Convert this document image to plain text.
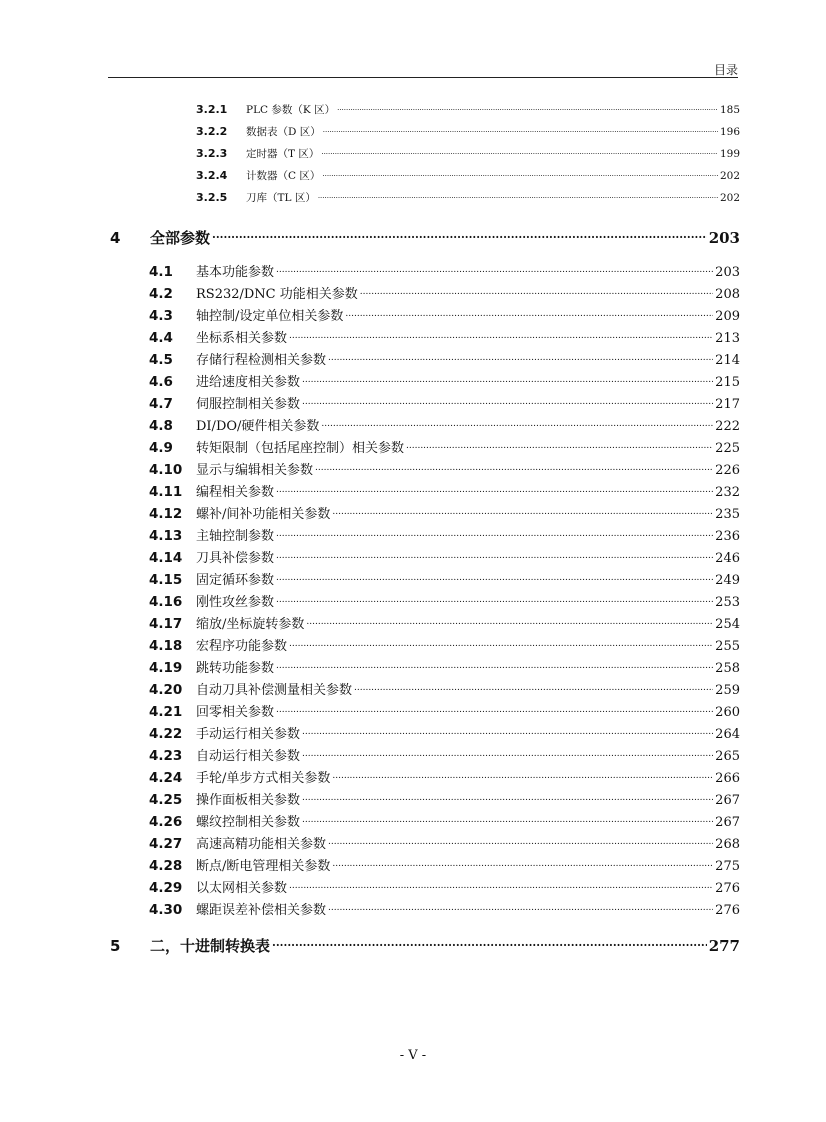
目录
3.2.1	PLC 参数（K 区） .....	185
3.2.2	数据表（D 区） .....	196
3.2.3	定时器（T 区） .....	199
3.2.4	计数器（C 区） .....	202
3.2.5	刀库（TL 区） .....	202
4	全部参数 .....	203
4.1	基本功能参数 .....	203
4.2	RS232/DNC 功能相关参数 .....	208
4.3	轴控制/设定单位相关参数 .....	209
4.4	坐标系相关参数 .....	213
4.5	存储行程检测相关参数 .....	214
4.6	进给速度相关参数 .....	215
4.7	伺服控制相关参数 .....	217
4.8	DI/DO/硬件相关参数 .....	222
4.9	转矩限制（包括尾座控制）相关参数 .....	225
4.10	显示与编辑相关参数 .....	226
4.11	编程相关参数 .....	232
4.12	螺补/间补功能相关参数 .....	235
4.13	主轴控制参数 .....	236
4.14	刀具补偿参数 .....	246
4.15	固定循环参数 .....	249
4.16	刚性攻丝参数 .....	253
4.17	缩放/坐标旋转参数 .....	254
4.18	宏程序功能参数 .....	255
4.19	跳转功能参数 .....	258
4.20	自动刀具补偿测量相关参数 .....	259
4.21	回零相关参数 .....	260
4.22	手动运行相关参数 .....	264
4.23	自动运行相关参数 .....	265
4.24	手轮/单步方式相关参数 .....	266
4.25	操作面板相关参数 .....	267
4.26	螺纹控制相关参数 .....	267
4.27	高速高精功能相关参数 .....	268
4.28	断点/断电管理相关参数 .....	275
4.29	以太网相关参数 .....	276
4.30	螺距误差补偿相关参数 .....	276
5	二，十进制转换表 .....	277
- V -
